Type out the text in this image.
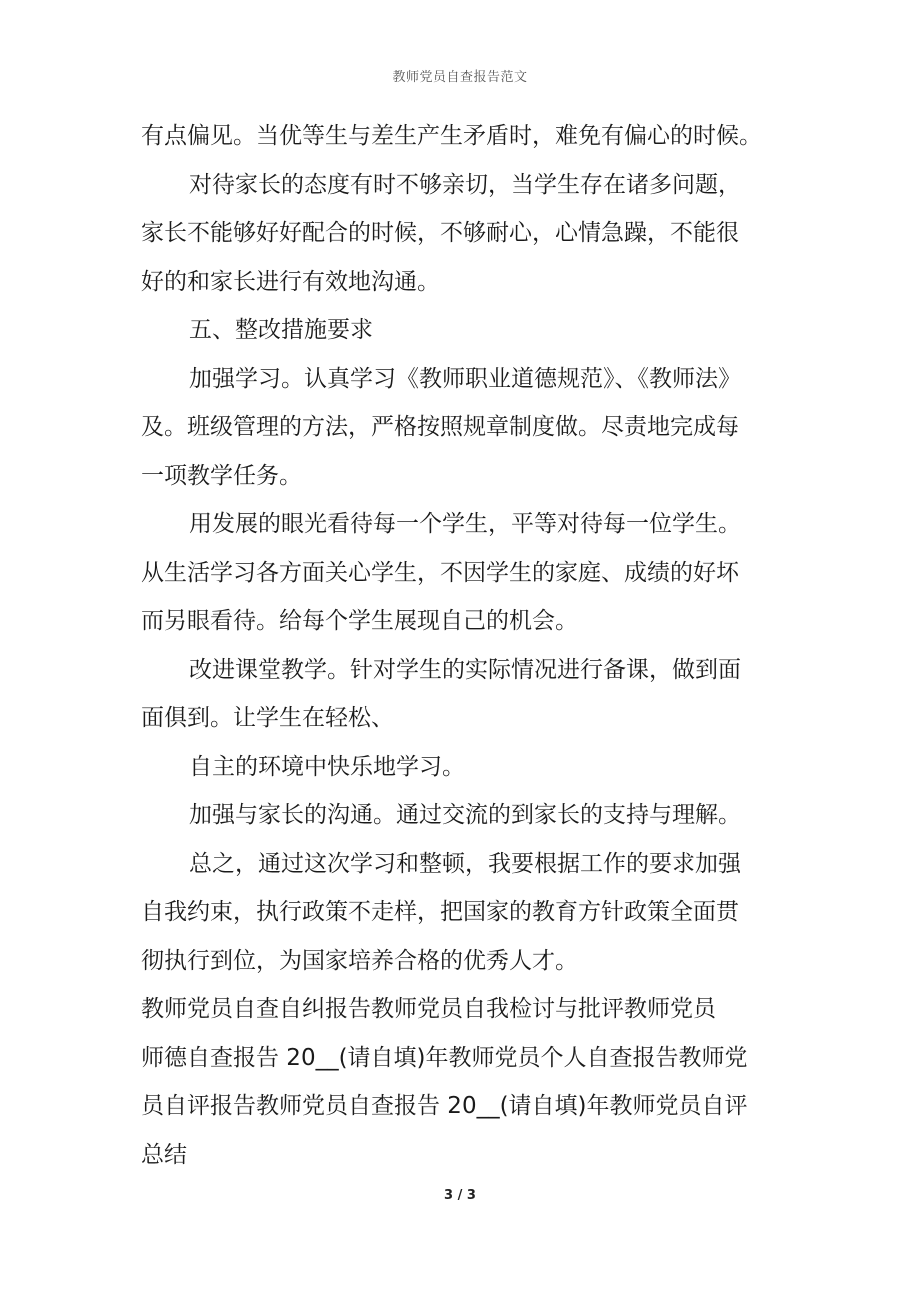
教师党员自查报告范文
有点偏见。当优等生与差生产生矛盾时，难免有偏心的时候。
对待家长的态度有时不够亲切，当学生存在诸多问题，
家长不能够好好配合的时候，不够耐心，心情急躁，不能很
好的和家长进行有效地沟通。
五、整改措施要求
加强学习。认真学习《教师职业道德规范》、《教师法》
及。班级管理的方法，严格按照规章制度做。尽责地完成每
一项教学任务。
用发展的眼光看待每一个学生，平等对待每一位学生。
从生活学习各方面关心学生，不因学生的家庭、成绩的好坏
而另眼看待。给每个学生展现自己的机会。
改进课堂教学。针对学生的实际情况进行备课，做到面
面俱到。让学生在轻松、
自主的环境中快乐地学习。
加强与家长的沟通。通过交流的到家长的支持与理解。
总之，通过这次学习和整顿，我要根据工作的要求加强
自我约束，执行政策不走样，把国家的教育方针政策全面贯
彻执行到位，为国家培养合格的优秀人才。
教师党员自查自纠报告教师党员自我检讨与批评教师党员
师德自查报告 20__(请自填)年教师党员个人自查报告教师党
员自评报告教师党员自查报告 20__(请自填)年教师党员自评
总结
3 / 3
